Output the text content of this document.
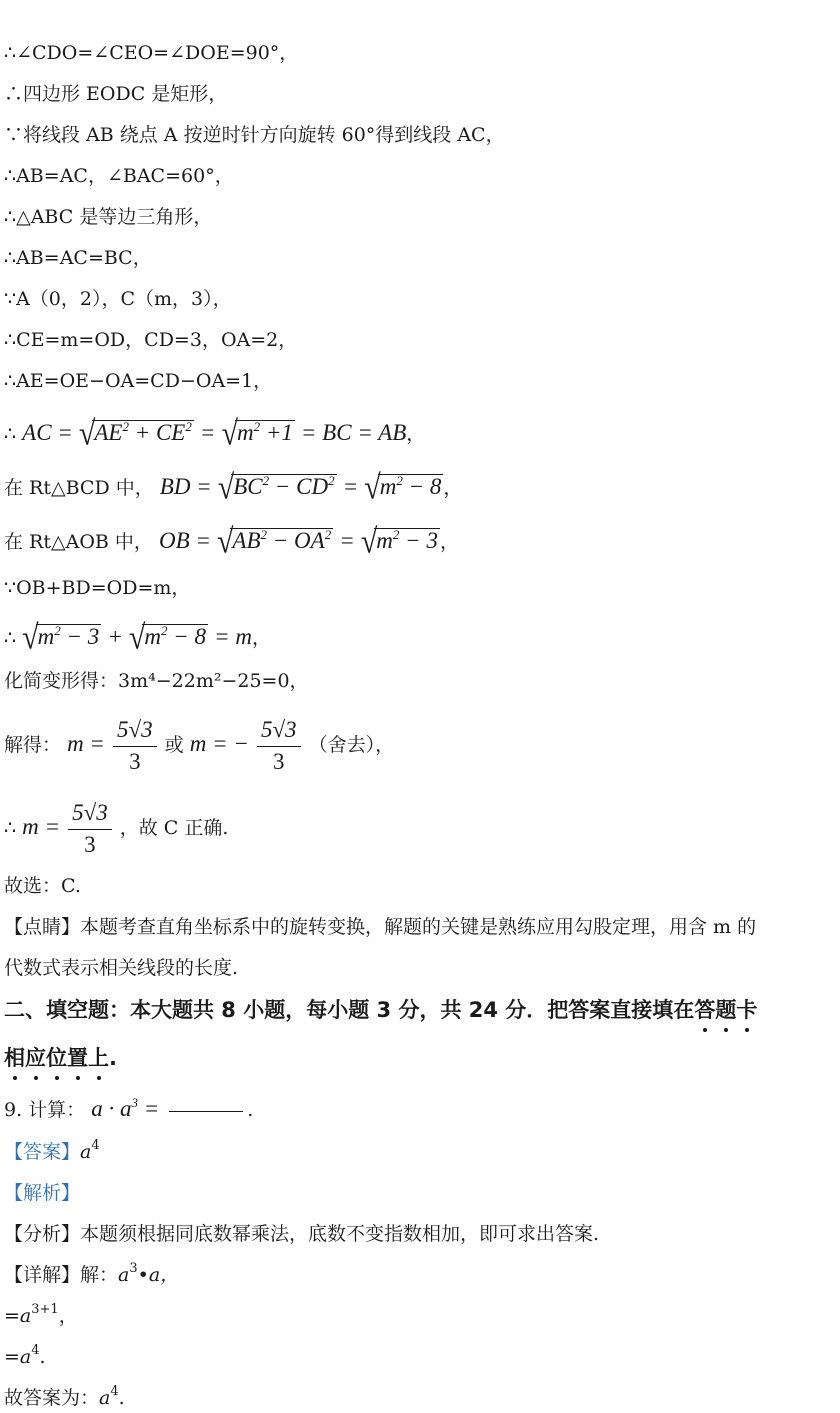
∴∠CDO=∠CEO=∠DOE=90°，
∴四边形 EODC 是矩形，
∵将线段 AB 绕点 A 按逆时针方向旋转 60°得到线段 AC，
∴AB=AC，∠BAC=60°，
∴△ABC 是等边三角形，
∴AB=AC=BC，
∵A（0，2），C（m，3），
∴CE=m=OD，CD=3，OA=2，
∴AE=OE−OA=CD−OA=1，
∴ AC = $√AE^2 + CE^2 = √m^2 +1$ = BC = AB，
在 Rt△BCD 中， BD = $√BC^2 - CD^2 = √m^2 - 8$ ，
在 Rt△AOB 中， OB = $√AB^2 - OA^2 = √m^2 - 3$ ，
∵OB+BD=OD=m，
∴ $√m^2 - 3 + √m^2 - 8 = m$，
化简变形得：3m⁴−22m²−25=0，
解得： $m = \frac{5√3}{3}$ 或 m = − $\frac{5√3}{3}$ （舍去），
∴ $m = \frac{5√3}{3}$ ，故 C 正确.
故选：C.
【点睛】本题考查直角坐标系中的旋转变换，解题的关键是熟练应用勾股定理，用含 m 的
代数式表示相关线段的长度.
二、填空题：本大题共 8 小题，每小题 3 分，共 24 分．把答案直接填在答题卡
相应位置上.
9. 计算： $a \cdot a^3$ =	.
【答案】$a^4$
【解析】
【分析】本题须根据同底数幂乘法，底数不变指数相加，即可求出答案.
【详解】解：$a^3•a$，
$=a^{3+1}$，
$=a^4$.
故答案为：$a^4$.
